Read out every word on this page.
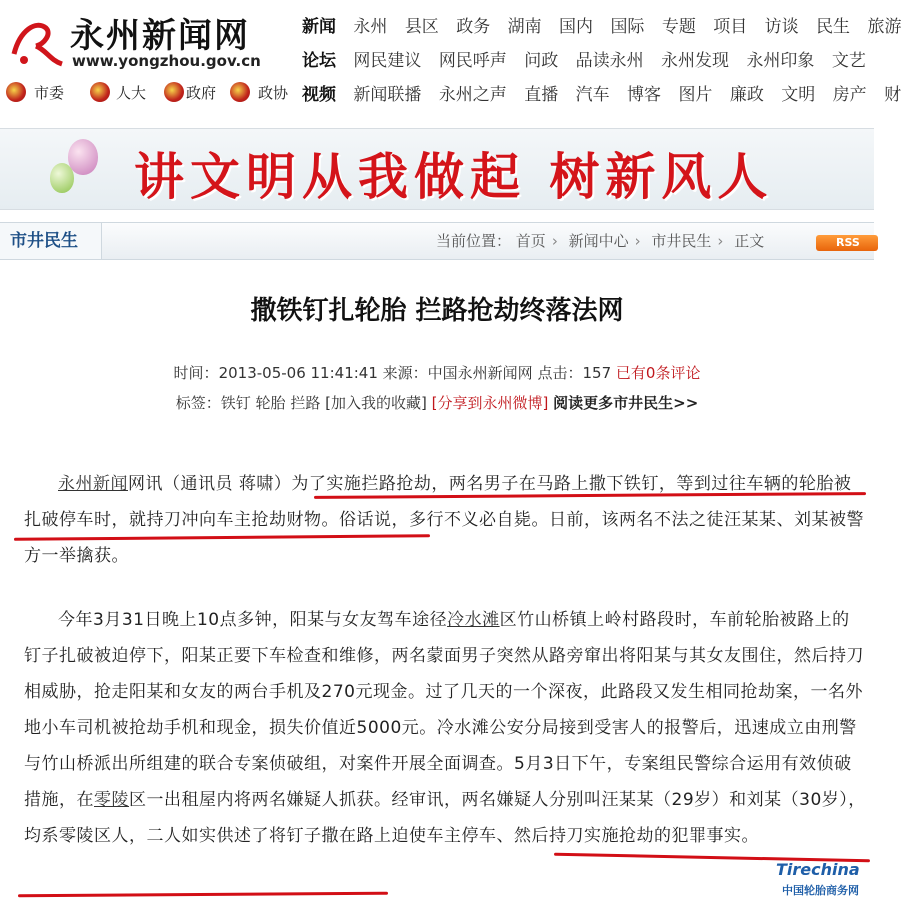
永州新闻网
www.yongzhou.gov.cn
市委	人大	政府	政协
新闻 永州 县区 政务 湖南 国内 国际 专题 项目 访谈 民生 旅游
论坛 网民建议 网民呼声 问政 品读永州 永州发现 永州印象 文艺
视频 新闻联播 永州之声 直播 汽车 博客 图片 廉政 文明 房产 财
讲文明从我做起 树新风人
市井民生	当前位置： 首页 › 新闻中心 › 市井民生 › 正文	RSS
撒铁钉扎轮胎 拦路抢劫终落法网
时间：2013-05-06 11:41:41 来源：中国永州新闻网 点击：157 已有0条评论
标签：铁钉 轮胎 拦路 [加入我的收藏] [分享到永州微博] 阅读更多市井民生>>
永州新闻网讯（通讯员 蒋啸）为了实施拦路抢劫，两名男子在马路上撒下铁钉，等到过往车辆的轮胎被扎破停车时，就持刀冲向车主抢劫财物。俗话说，多行不义必自毙。日前，该两名不法之徒汪某某、刘某被警方一举擒获。
今年3月31日晚上10点多钟，阳某与女友驾车途径冷水滩区竹山桥镇上岭村路段时，车前轮胎被路上的钉子扎破被迫停下，阳某正要下车检查和维修，两名蒙面男子突然从路旁窜出将阳某与其女友围住，然后持刀相威胁，抢走阳某和女友的两台手机及270元现金。过了几天的一个深夜，此路段又发生相同抢劫案，一名外地小车司机被抢劫手机和现金，损失价值近5000元。冷水滩公安分局接到受害人的报警后，迅速成立由刑警与竹山桥派出所组建的联合专案侦破组，对案件开展全面调查。5月3日下午，专案组民警综合运用有效侦破措施，在零陵区一出租屋内将两名嫌疑人抓获。经审讯，两名嫌疑人分别叫汪某某（29岁）和刘某（30岁），均系零陵区人，二人如实供述了将钉子撒在路上迫使车主停车、然后持刀实施抢劫的犯罪事实。
Tirechina
中国轮胎商务网
